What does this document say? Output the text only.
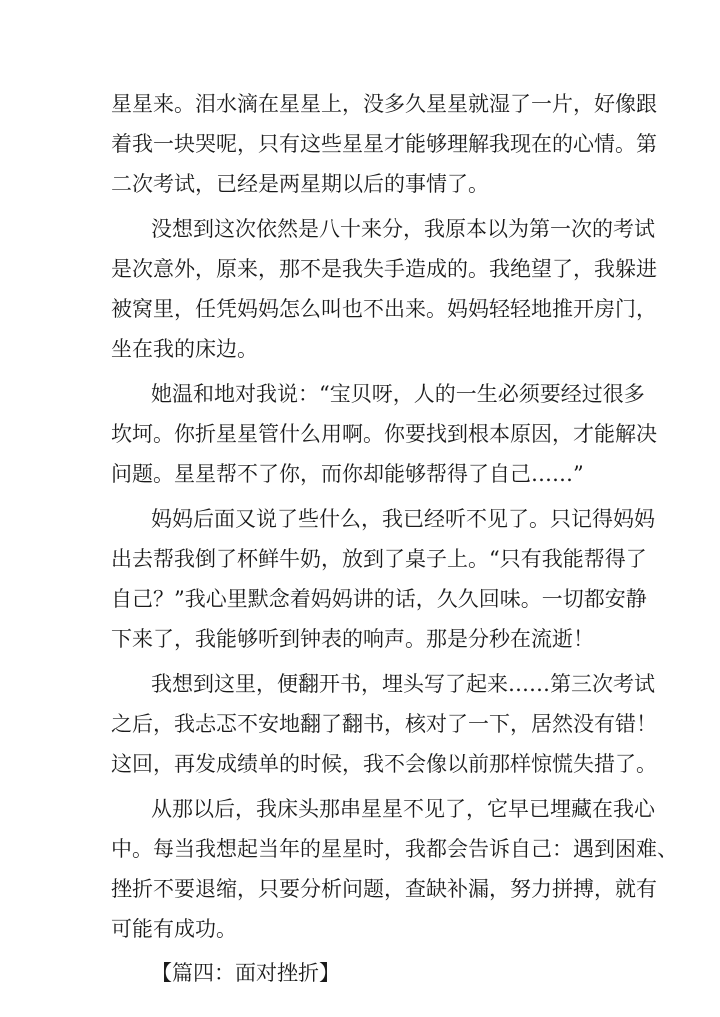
星星来。泪水滴在星星上，没多久星星就湿了一片，好像跟
着我一块哭呢，只有这些星星才能够理解我现在的心情。第
二次考试，已经是两星期以后的事情了。
没想到这次依然是八十来分，我原本以为第一次的考试
是次意外，原来，那不是我失手造成的。我绝望了，我躲进
被窝里，任凭妈妈怎么叫也不出来。妈妈轻轻地推开房门，
坐在我的床边。
她温和地对我说：“宝贝呀，人的一生必须要经过很多
坎坷。你折星星管什么用啊。你要找到根本原因，才能解决
问题。星星帮不了你，而你却能够帮得了自己……”
妈妈后面又说了些什么，我已经听不见了。只记得妈妈
出去帮我倒了杯鲜牛奶，放到了桌子上。“只有我能帮得了
自己？”我心里默念着妈妈讲的话，久久回味。一切都安静
下来了，我能够听到钟表的响声。那是分秒在流逝！
我想到这里，便翻开书，埋头写了起来……第三次考试
之后，我忐忑不安地翻了翻书，核对了一下，居然没有错！
这回，再发成绩单的时候，我不会像以前那样惊慌失措了。
从那以后，我床头那串星星不见了，它早已埋藏在我心
中。每当我想起当年的星星时，我都会告诉自己：遇到困难、
挫折不要退缩，只要分析问题，查缺补漏，努力拼搏，就有
可能有成功。
【篇四：面对挫折】
